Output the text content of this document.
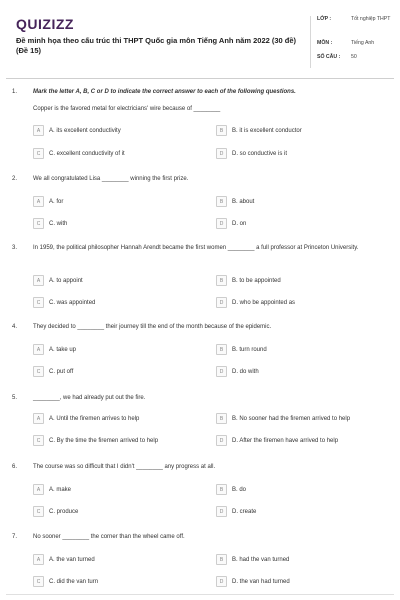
QUIZIZZ
Đề minh họa theo cấu trúc thi THPT Quốc gia môn Tiếng Anh năm 2022 (30 đề) (Đề 15)
LỚP :	Tốt nghiệp THPT
MÔN :	Tiếng Anh
SỐ CÂU :	50
1.	Mark the letter A, B, C or D to indicate the correct answer to each of the following questions.
Copper is the favored metal for electricians' wire because of ________
A	A. its excellent conductivity	B	B. it is excellent conductor
C	C. excellent conductivity of it	D	D. so conductive is it
2.	We all congratulated Lisa ________ winning the first prize.
A	A. for	B	B. about
C	C. with	D	D. on
3.	In 1959, the political philosopher Hannah Arendt became the first women ________ a full professor at Princeton University.
A	A. to appoint	B	B. to be appointed
C	C. was appointed	D	D. who be appointed as
4.	They decided to ________ their journey till the end of the month because of the epidemic.
A	A. take up	B	B. turn round
C	C. put off	D	D. do with
5.	________, we had already put out the fire.
A	A. Until the firemen arrives to help	B	B. No sooner had the firemen arrived to help
C	C. By the time the firemen arrived to help	D	D. After the firemen have arrived to help
6.	The course was so difficult that I didn't ________ any progress at all.
A	A. make	B	B. do
C	C. produce	D	D. create
7.	No sooner ________ the corner than the wheel came off.
A	A. the van turned	B	B. had the van turned
C	C. did the van turn	D	D. the van had turned
